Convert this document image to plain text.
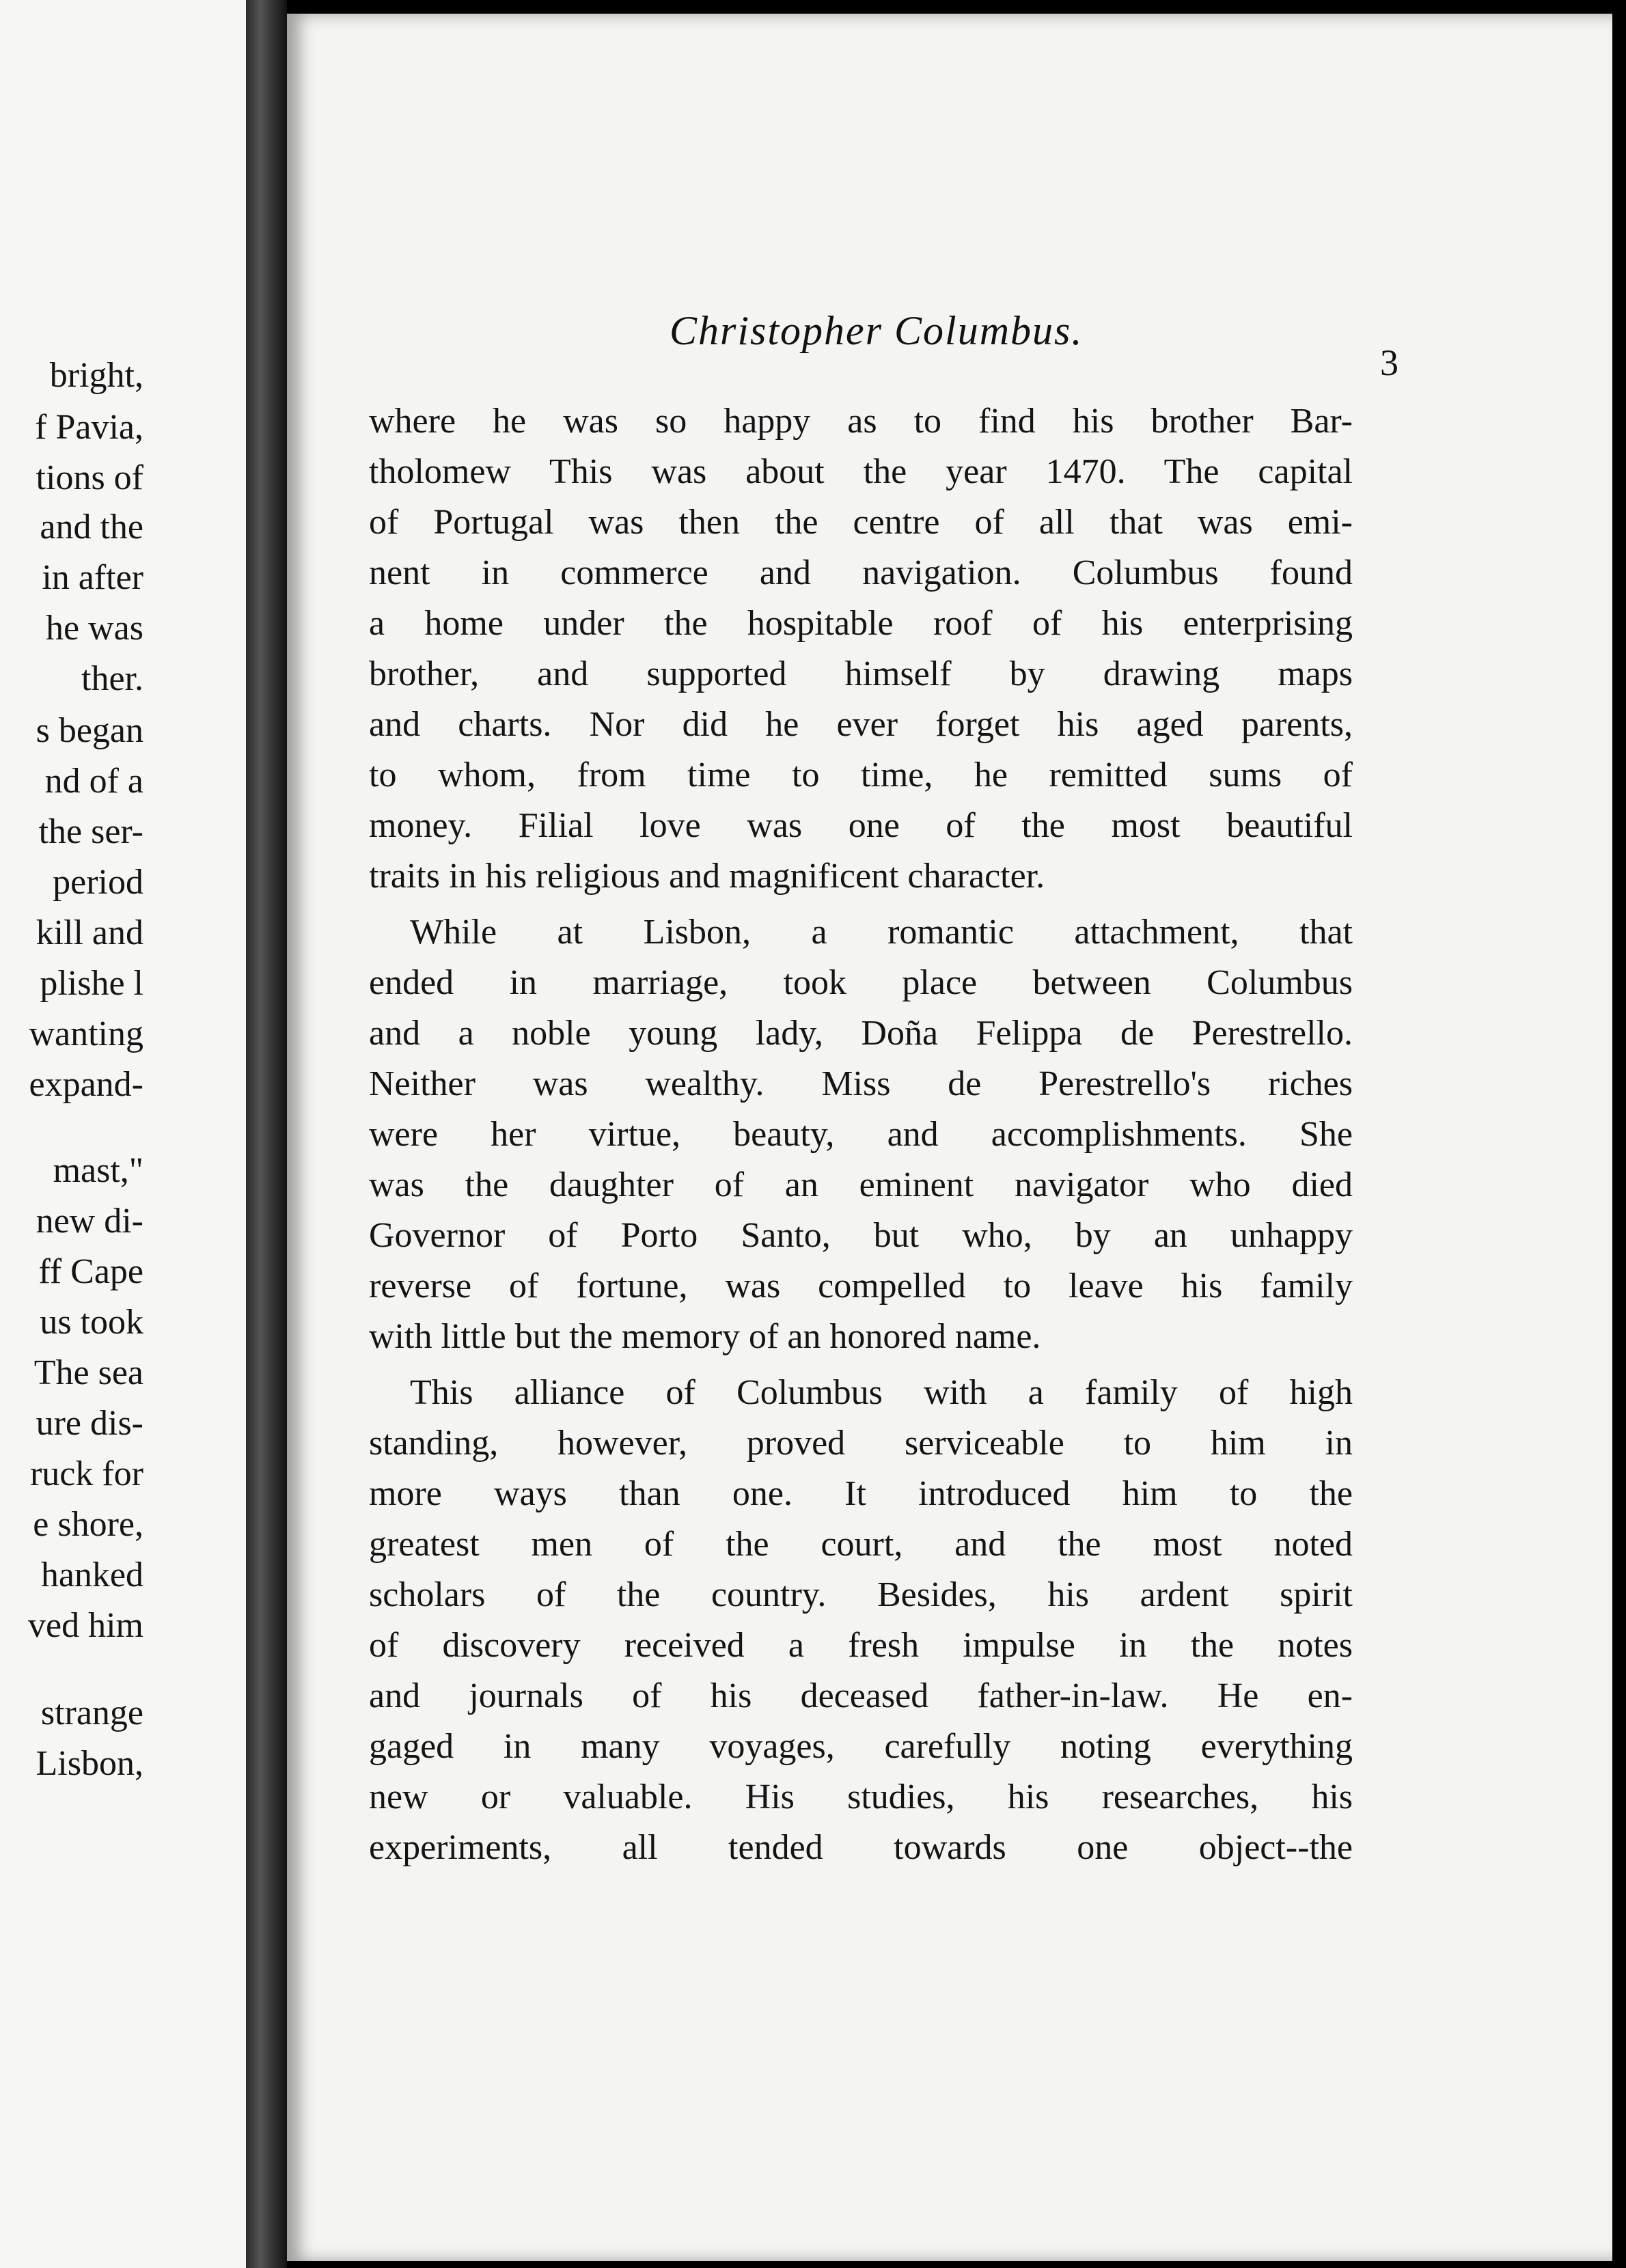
bright,
f Pavia,
tions of
and the
in after
he was
ther.
s began
nd of a
the ser-
period
kill and
plishe l
wanting
expand-
mast,"
new di-
ff Cape
us took
The sea
ure dis-
ruck for
e shore,
hanked
ved him
strange
Lisbon,
Christopher Columbus.
3
where he was so happy as to find his brother Bar-
tholomew This was about the year 1470. The capital
of Portugal was then the centre of all that was emi-
nent in commerce and navigation. Columbus found
a home under the hospitable roof of his enterprising
brother, and supported himself by drawing maps
and charts. Nor did he ever forget his aged parents,
to whom, from time to time, he remitted sums of
money. Filial love was one of the most beautiful
traits in his religious and magnificent character.
While at Lisbon, a romantic attachment, that
ended in marriage, took place between Columbus
and a noble young lady, Doña Felippa de Perestrello.
Neither was wealthy. Miss de Perestrello's riches
were her virtue, beauty, and accomplishments. She
was the daughter of an eminent navigator who died
Governor of Porto Santo, but who, by an unhappy
reverse of fortune, was compelled to leave his family
with little but the memory of an honored name.
This alliance of Columbus with a family of high
standing, however, proved serviceable to him in
more ways than one. It introduced him to the
greatest men of the court, and the most noted
scholars of the country. Besides, his ardent spirit
of discovery received a fresh impulse in the notes
and journals of his deceased father-in-law. He en-
gaged in many voyages, carefully noting everything
new or valuable. His studies, his researches, his
experiments, all tended towards one object--the
